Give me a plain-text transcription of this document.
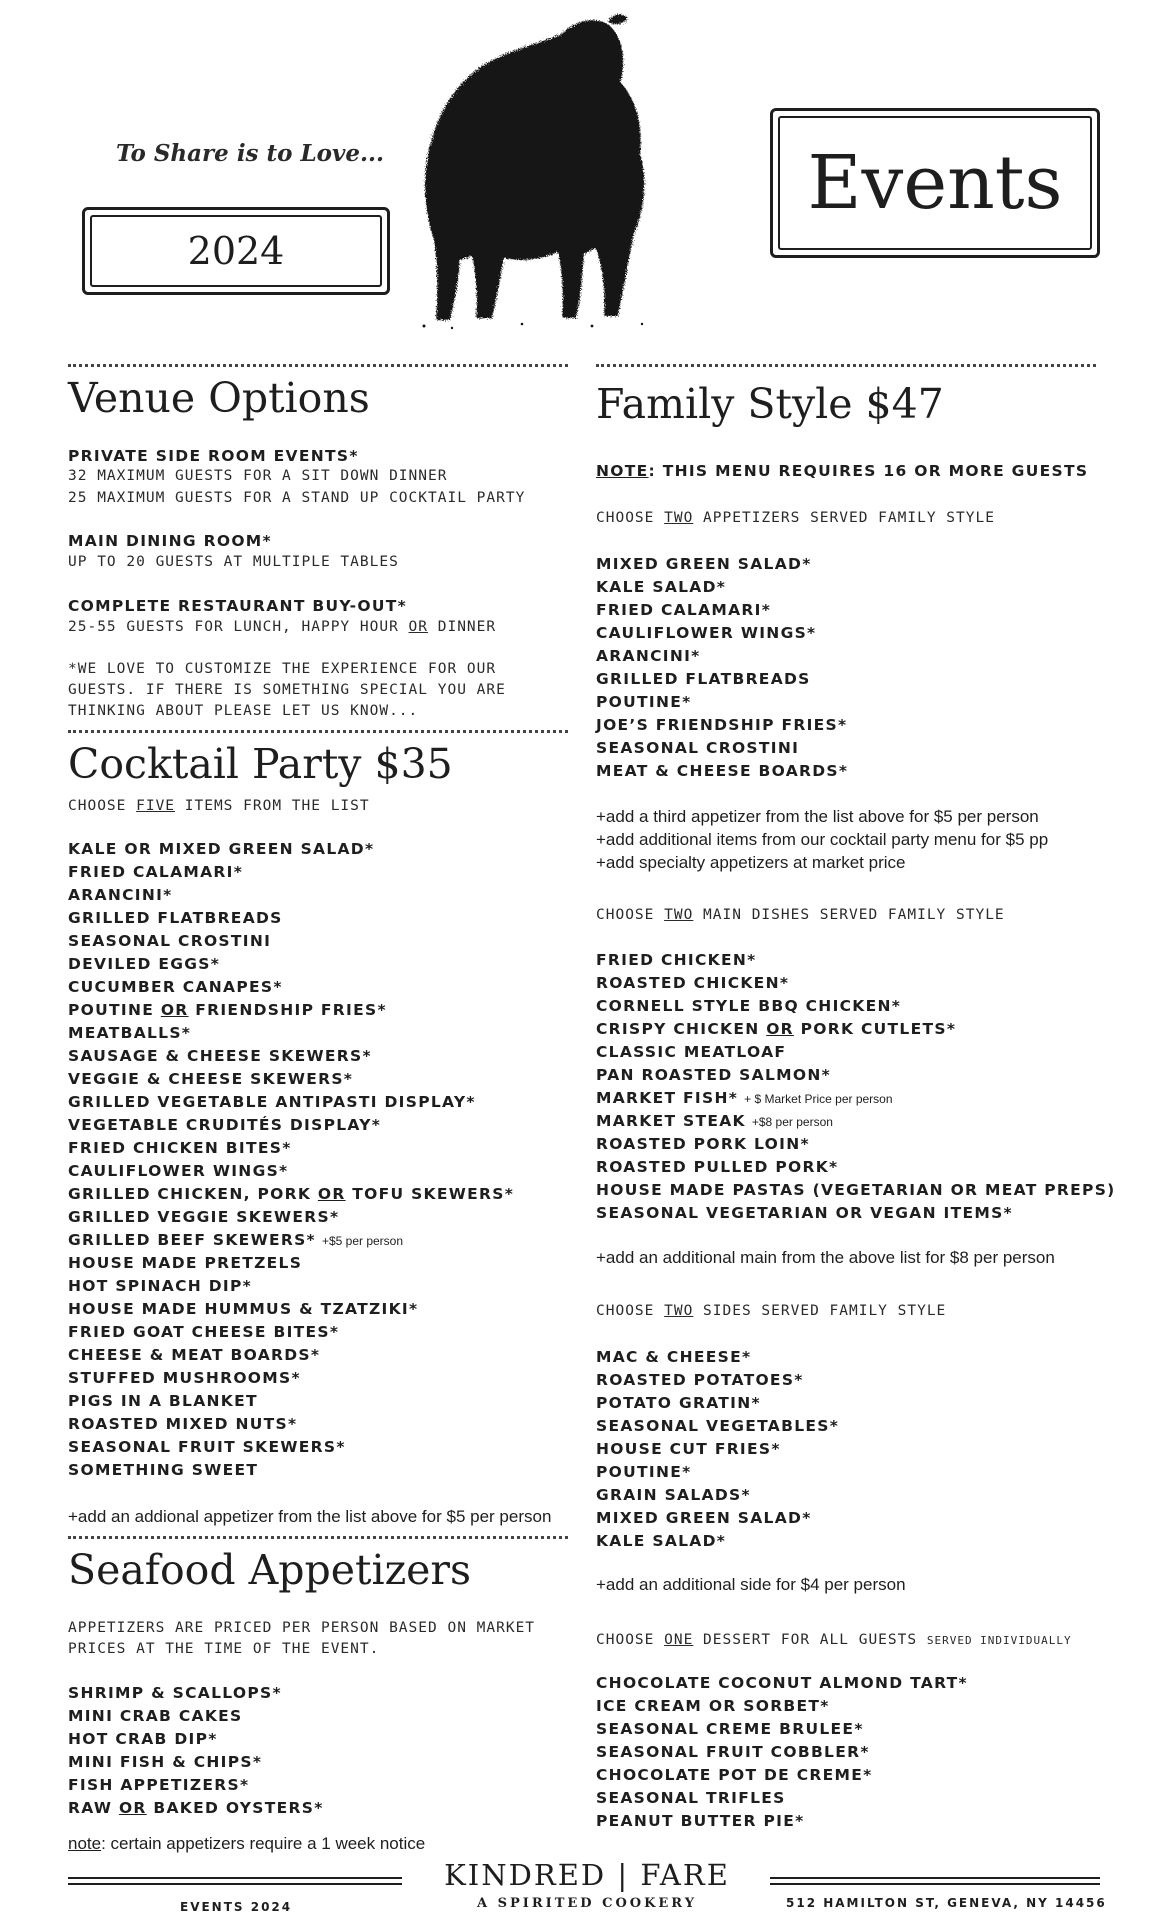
To Share is to Love...
2024
Events
Venue Options
PRIVATE SIDE ROOM EVENTS*
32 MAXIMUM GUESTS FOR A SIT DOWN DINNER
25 MAXIMUM GUESTS FOR A STAND UP COCKTAIL PARTY
MAIN DINING ROOM*
UP TO 20 GUESTS AT MULTIPLE TABLES
COMPLETE RESTAURANT BUY-OUT*
25-55 GUESTS FOR LUNCH, HAPPY HOUR OR DINNER
*WE LOVE TO CUSTOMIZE THE EXPERIENCE FOR OUR
GUESTS. IF THERE IS SOMETHING SPECIAL YOU ARE
THINKING ABOUT PLEASE LET US KNOW...
Cocktail Party $35
CHOOSE FIVE ITEMS FROM THE LIST
KALE OR MIXED GREEN SALAD*
FRIED CALAMARI*
ARANCINI*
GRILLED FLATBREADS
SEASONAL CROSTINI
DEVILED EGGS*
CUCUMBER CANAPES*
POUTINE OR FRIENDSHIP FRIES*
MEATBALLS*
SAUSAGE & CHEESE SKEWERS*
VEGGIE & CHEESE SKEWERS*
GRILLED VEGETABLE ANTIPASTI DISPLAY*
VEGETABLE CRUDITÉS DISPLAY*
FRIED CHICKEN BITES*
CAULIFLOWER WINGS*
GRILLED CHICKEN, PORK OR TOFU SKEWERS*
GRILLED VEGGIE SKEWERS*
GRILLED BEEF SKEWERS* +$5 per person
HOUSE MADE PRETZELS
HOT SPINACH DIP*
HOUSE MADE HUMMUS & TZATZIKI*
FRIED GOAT CHEESE BITES*
CHEESE & MEAT BOARDS*
STUFFED MUSHROOMS*
PIGS IN A BLANKET
ROASTED MIXED NUTS*
SEASONAL FRUIT SKEWERS*
SOMETHING SWEET
+add an addional appetizer from the list above for $5 per person
Seafood Appetizers
APPETIZERS ARE PRICED PER PERSON BASED ON MARKET
PRICES AT THE TIME OF THE EVENT.
SHRIMP & SCALLOPS*
MINI CRAB CAKES
HOT CRAB DIP*
MINI FISH & CHIPS*
FISH APPETIZERS*
RAW OR BAKED OYSTERS*
note: certain appetizers require a 1 week notice
Family Style $47
NOTE: THIS MENU REQUIRES 16 OR MORE GUESTS
CHOOSE TWO APPETIZERS SERVED FAMILY STYLE
MIXED GREEN SALAD*
KALE SALAD*
FRIED CALAMARI*
CAULIFLOWER WINGS*
ARANCINI*
GRILLED FLATBREADS
POUTINE*
JOE’S FRIENDSHIP FRIES*
SEASONAL CROSTINI
MEAT & CHEESE BOARDS*
+add a third appetizer from the list above for $5 per person
+add additional items from our cocktail party menu for $5 pp
+add specialty appetizers at market price
CHOOSE TWO MAIN DISHES SERVED FAMILY STYLE
FRIED CHICKEN*
ROASTED CHICKEN*
CORNELL STYLE BBQ CHICKEN*
CRISPY CHICKEN OR PORK CUTLETS*
CLASSIC MEATLOAF
PAN ROASTED SALMON*
MARKET FISH* + $ Market Price per person
MARKET STEAK +$8 per person
ROASTED PORK LOIN*
ROASTED PULLED PORK*
HOUSE MADE PASTAS (VEGETARIAN OR MEAT PREPS)
SEASONAL VEGETARIAN OR VEGAN ITEMS*
+add an additional main from the above list for $8 per person
CHOOSE TWO SIDES SERVED FAMILY STYLE
MAC & CHEESE*
ROASTED POTATOES*
POTATO GRATIN*
SEASONAL VEGETABLES*
HOUSE CUT FRIES*
POUTINE*
GRAIN SALADS*
MIXED GREEN SALAD*
KALE SALAD*
+add an additional side for $4 per person
CHOOSE ONE DESSERT FOR ALL GUESTS SERVED INDIVIDUALLY
CHOCOLATE COCONUT ALMOND TART*
ICE CREAM OR SORBET*
SEASONAL CREME BRULEE*
SEASONAL FRUIT COBBLER*
CHOCOLATE POT DE CREME*
SEASONAL TRIFLES
PEANUT BUTTER PIE*
KINDRED | FARE
A SPIRITED COOKERY
EVENTS 2024	512 HAMILTON ST, GENEVA, NY 14456
